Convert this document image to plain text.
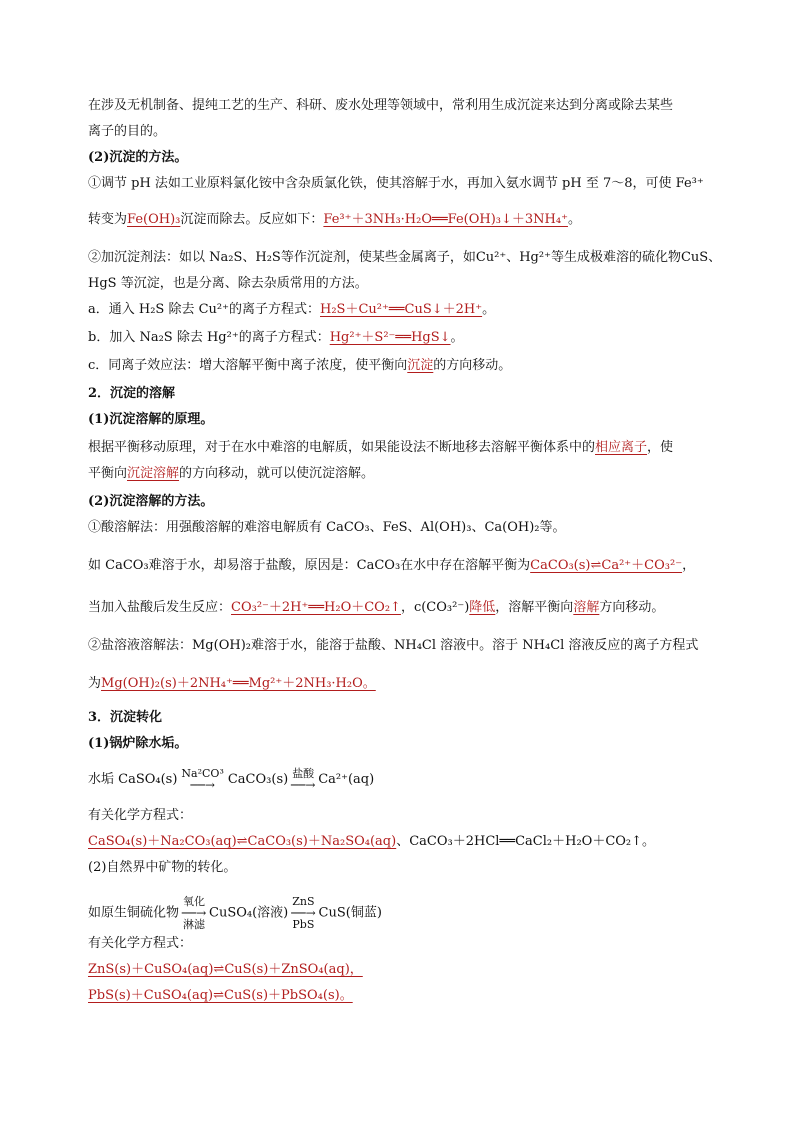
在涉及无机制备、提纯工艺的生产、科研、废水处理等领域中，常利用生成沉淀来达到分离或除去某些

离子的目的。

(2)沉淀的方法。

①调节 pH 法如工业原料氯化铵中含杂质氯化铁，使其溶解于水，再加入氨水调节 pH 至 7～8，可使 Fe³⁺

转变为Fe(OH)₃沉淀而除去。反应如下：Fe³⁺＋3NH₃·H₂O══Fe(OH)₃↓＋3NH₄⁺。

②加沉淀剂法：如以 Na₂S、H₂S等作沉淀剂，使某些金属离子，如Cu²⁺、Hg²⁺等生成极难溶的硫化物CuS、

HgS 等沉淀，也是分离、除去杂质常用的方法。

a．通入 H₂S 除去 Cu²⁺的离子方程式：H₂S＋Cu²⁺══CuS↓＋2H⁺。

b．加入 Na₂S 除去 Hg²⁺的离子方程式：Hg²⁺＋S²⁻══HgS↓。

c．同离子效应法：增大溶解平衡中离子浓度，使平衡向沉淀的方向移动。

2．沉淀的溶解

(1)沉淀溶解的原理。

根据平衡移动原理，对于在水中难溶的电解质，如果能设法不断地移去溶解平衡体系中的相应离子，使

平衡向沉淀溶解的方向移动，就可以使沉淀溶解。

(2)沉淀溶解的方法。

①酸溶解法：用强酸溶解的难溶电解质有 CaCO₃、FeS、Al(OH)₃、Ca(OH)₂等。

如 CaCO₃难溶于水，却易溶于盐酸，原因是：CaCO₃在水中存在溶解平衡为CaCO₃(s)⇌Ca²⁺＋CO₃²⁻，

当加入盐酸后发生反应：CO₃²⁻＋2H⁺══H₂O＋CO₂↑，c(CO₃²⁻)降低，溶解平衡向溶解方向移动。

②盐溶液溶解法：Mg(OH)₂难溶于水，能溶于盐酸、NH₄Cl 溶液中。溶于 NH₄Cl 溶液反应的离子方程式

为Mg(OH)₂(s)＋2NH₄⁺══Mg²⁺＋2NH₃·H₂O。

3．沉淀转化

(1)锅炉除水垢。

水垢 CaSO₄(s) Na²CO³
──→ CaCO₃(s) 盐酸
──→ Ca²⁺(aq)

有关化学方程式：

CaSO₄(s)＋Na₂CO₃(aq)⇌CaCO₃(s)＋Na₂SO₄(aq)、CaCO₃＋2HCl══CaCl₂＋H₂O＋CO₂↑。

(2)自然界中矿物的转化。

如原生铜硫化物
氧化
──→
淋滤
CuSO₄(溶液)
ZnS
──→
PbS
CuS(铜蓝)

有关化学方程式：

ZnS(s)＋CuSO₄(aq)⇌CuS(s)＋ZnSO₄(aq)，

PbS(s)＋CuSO₄(aq)⇌CuS(s)＋PbSO₄(s)。
